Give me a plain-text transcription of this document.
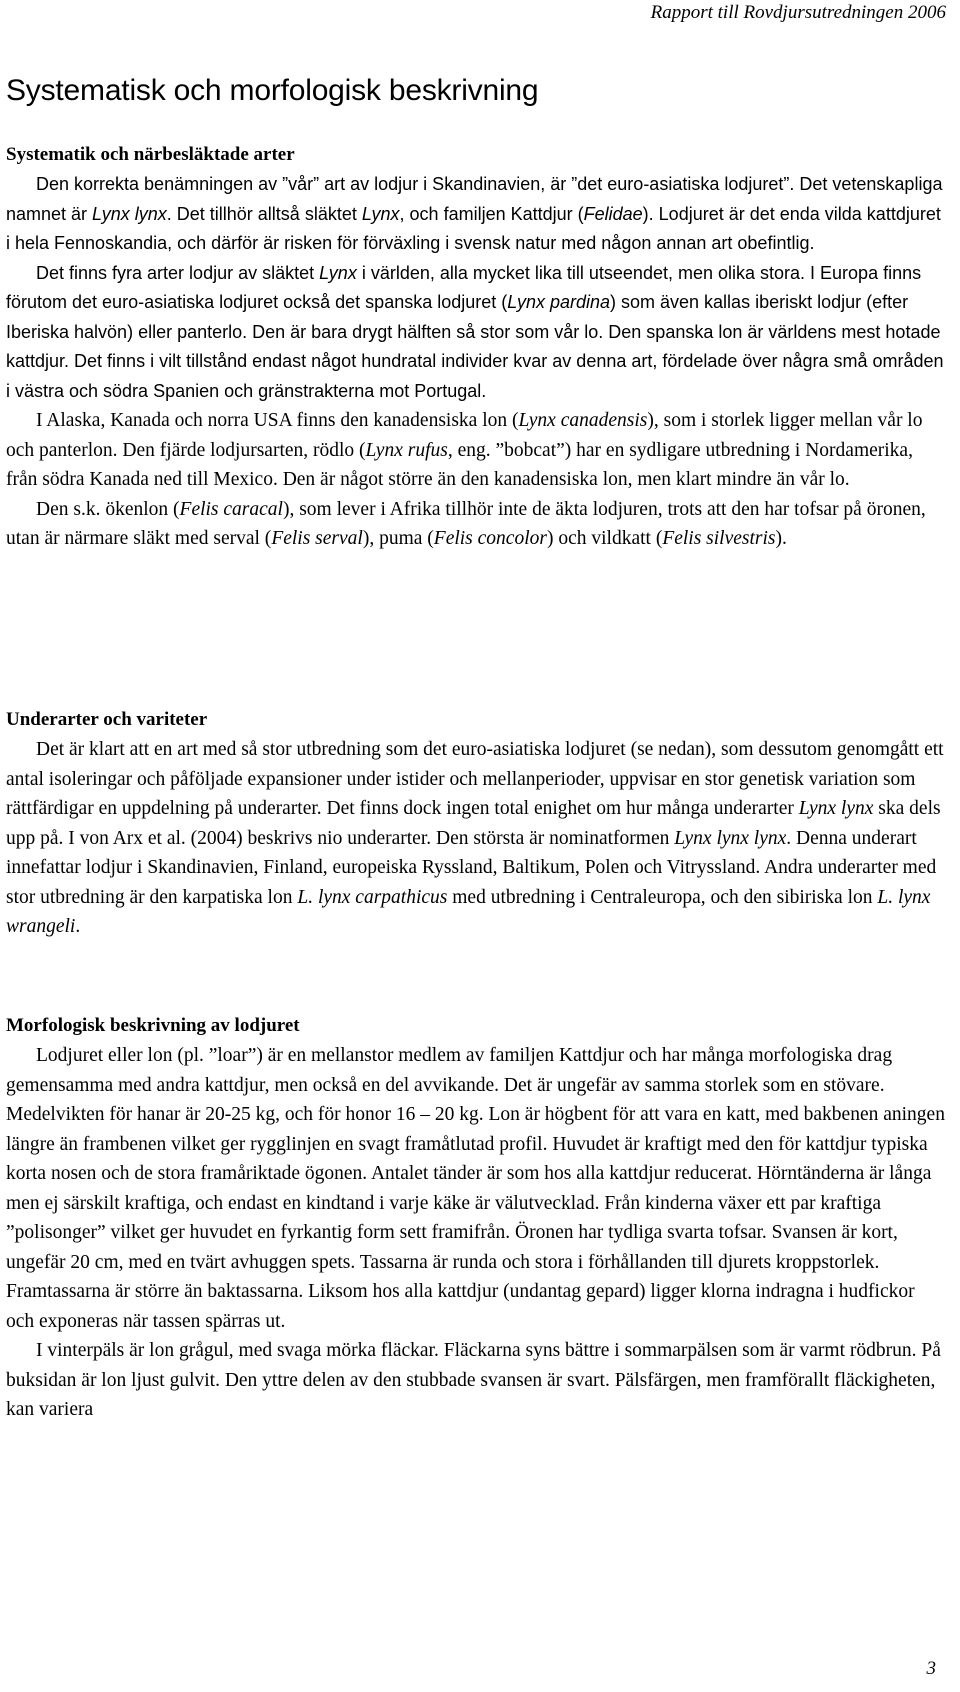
Rapport till Rovdjursutredningen 2006
Systematisk och morfologisk beskrivning
Systematik och närbesläktade arter

Den korrekta benämningen av ”vår” art av lodjur i Skandinavien, är ”det euro-asiatiska lodjuret”. Det vetenskapliga namnet är Lynx lynx. Det tillhör alltså släktet Lynx, och familjen Kattdjur (Felidae). Lodjuret är det enda vilda kattdjuret i hela Fennoskandia, och därför är risken för förväxling i svensk natur med någon annan art obefintlig.

Det finns fyra arter lodjur av släktet Lynx i världen, alla mycket lika till utseendet, men olika stora. I Europa finns förutom det euro-asiatiska lodjuret också det spanska lodjuret (Lynx pardina) som även kallas iberiskt lodjur (efter Iberiska halvön) eller panterlo. Den är bara drygt hälften så stor som vår lo. Den spanska lon är världens mest hotade kattdjur. Det finns i vilt tillstånd endast något hundratal individer kvar av denna art, fördelade över några små områden i västra och södra Spanien och gränstrakterna mot Portugal.

I Alaska, Kanada och norra USA finns den kanadensiska lon (Lynx canadensis), som i storlek ligger mellan vår lo och panterlon. Den fjärde lodjursarten, rödlo (Lynx rufus, eng. ”bobcat”) har en sydligare utbredning i Nordamerika, från södra Kanada ned till Mexico. Den är något större än den kanadensiska lon, men klart mindre än vår lo.

Den s.k. ökenlon (Felis caracal), som lever i Afrika tillhör inte de äkta lodjuren, trots att den har tofsar på öronen, utan är närmare släkt med serval (Felis serval), puma (Felis concolor) och vildkatt (Felis silvestris).

Underarter och variteter

Det är klart att en art med så stor utbredning som det euro-asiatiska lodjuret (se nedan), som dessutom genomgått ett antal isoleringar och påföljade expansioner under istider och mellanperioder, uppvisar en stor genetisk variation som rättfärdigar en uppdelning på underarter. Det finns dock ingen total enighet om hur många underarter Lynx lynx ska dels upp på. I von Arx et al. (2004) beskrivs nio underarter. Den största är nominatformen Lynx lynx lynx. Denna underart innefattar lodjur i Skandinavien, Finland, europeiska Ryssland, Baltikum, Polen och Vitryssland. Andra underarter med stor utbredning är den karpatiska lon L. lynx carpathicus med utbredning i Centraleuropa, och den sibiriska lon L. lynx wrangeli.

Morfologisk beskrivning av lodjuret

Lodjuret eller lon (pl. ”loar”) är en mellanstor medlem av familjen Kattdjur och har många morfologiska drag gemensamma med andra kattdjur, men också en del avvikande. Det är ungefär av samma storlek som en stövare. Medelvikten för hanar är 20-25 kg, och för honor 16 – 20 kg. Lon är högbent för att vara en katt, med bakbenen aningen längre än frambenen vilket ger rygglinjen en svagt framåtlutad profil. Huvudet är kraftigt med den för kattdjur typiska korta nosen och de stora framåriktade ögonen. Antalet tänder är som hos alla kattdjur reducerat. Hörntänderna är långa men ej särskilt kraftiga, och endast en kindtand i varje käke är välutvecklad. Från kinderna växer ett par kraftiga ”polisonger” vilket ger huvudet en fyrkantig form sett framifrån. Öronen har tydliga svarta tofsar. Svansen är kort, ungefär 20 cm, med en tvärt avhuggen spets. Tassarna är runda och stora i förhållanden till djurets kroppstorlek. Framtassarna är större än baktassarna. Liksom hos alla kattdjur (undantag gepard) ligger klorna indragna i hudfickor och exponeras när tassen spärras ut.

I vinterpäls är lon grågul, med svaga mörka fläckar. Fläckarna syns bättre i sommarpälsen som är varmt rödbrun. På buksidan är lon ljust gulvit. Den yttre delen av den stubbade svansen är svart. Pälsfärgen, men framförallt fläckigheten, kan variera

3
